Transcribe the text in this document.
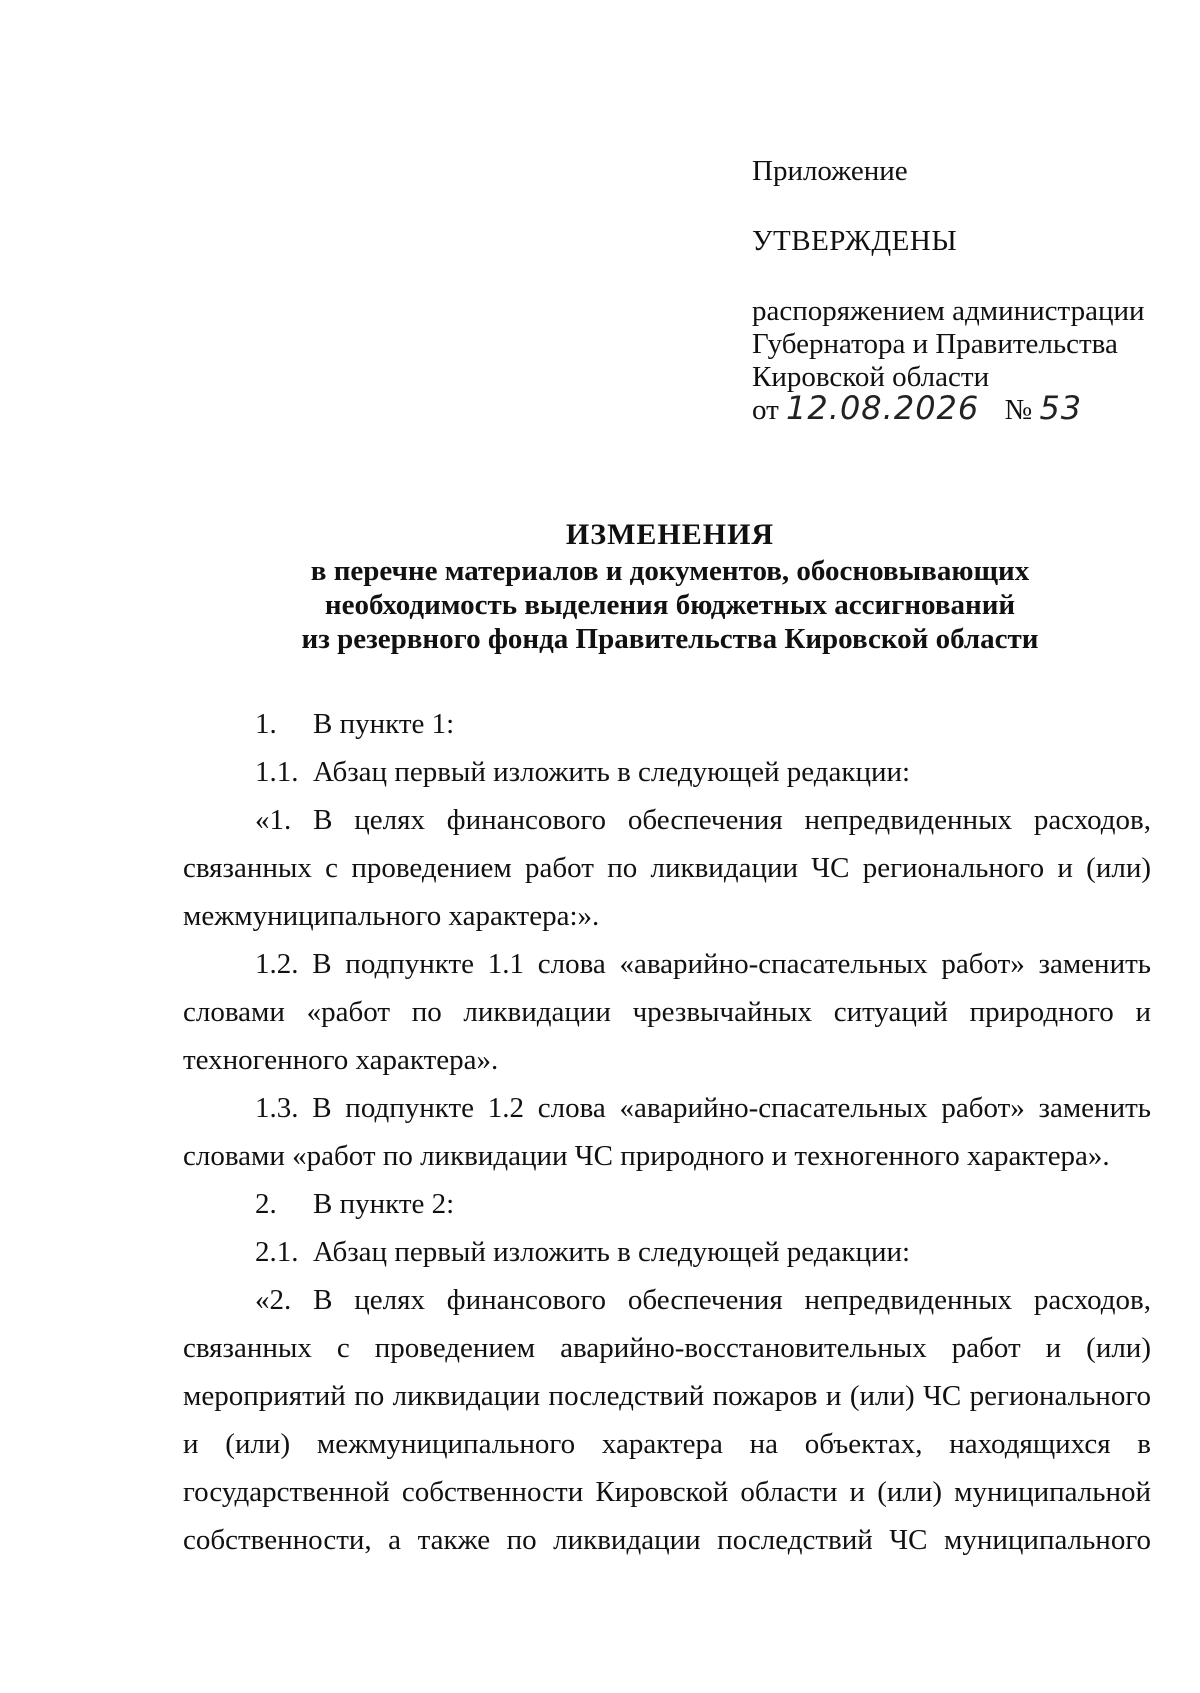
Приложение

УТВЕРЖДЕНЫ

распоряжением администрации
Губернатора и Правительства
Кировской области
от 12.08.2026 № 53
ИЗМЕНЕНИЯ
в перечне материалов и документов, обосновывающих
необходимость выделения бюджетных ассигнований
из резервного фонда Правительства Кировской области
1. В пункте 1:
1.1. Абзац первый изложить в следующей редакции:

«1. В целях финансового обеспечения непредвиденных расходов, связанных с проведением работ по ликвидации ЧС регионального и (или) межмуниципального характера:».

1.2. В подпункте 1.1 слова «аварийно-спасательных работ» заменить словами «работ по ликвидации чрезвычайных ситуаций природного и техногенного характера».

1.3. В подпункте 1.2 слова «аварийно-спасательных работ» заменить словами «работ по ликвидации ЧС природного и техногенного характера».

2. В пункте 2:
2.1. Абзац первый изложить в следующей редакции:

«2. В целях финансового обеспечения непредвиденных расходов, связанных с проведением аварийно-восстановительных работ и (или) мероприятий по ликвидации последствий пожаров и (или) ЧС регионального и (или) межмуниципального характера на объектах, находящихся в государственной собственности Кировской области и (или) муниципальной собственности, а также по ликвидации последствий ЧС муниципального
